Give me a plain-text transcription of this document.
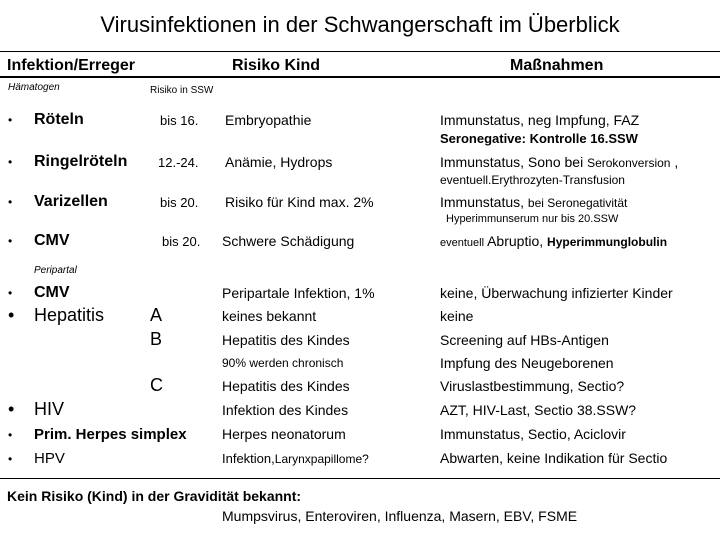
Virusinfektionen in der Schwangerschaft im Überblick
Infektion/Erreger	Risiko Kind	Maßnahmen
Hämatogen	Risiko in SSW
• Röteln	bis 16. Embryopathie	Immunstatus, neg Impfung, FAZ
Seronegative: Kontrolle 16.SSW
• Ringelröteln 12.-24. Anämie, Hydrops	Immunstatus, Sono bei Serokonversion ,
eventuell.Erythrozyten-Transfusion
• Varizellen	bis 20. Risiko für Kind max. 2%	Immunstatus, bei Seronegativität
Hyperimmunserum nur bis 20.SSW
• CMV	bis 20. Schwere Schädigung	eventuell Abruptio, Hyperimmunglobulin
Peripartal
• CMV	Peripartale Infektion, 1%	keine, Überwachung infizierter Kinder
• Hepatitis	A	keines bekannt	keine
B	Hepatitis des Kindes	Screening auf HBs-Antigen
90% werden chronisch	Impfung des Neugeborenen
C	Hepatitis des Kindes	Viruslastbestimmung, Sectio?
• HIV	Infektion des Kindes	AZT, HIV-Last, Sectio 38.SSW?
• Prim. Herpes simplex	Herpes neonatorum	Immunstatus, Sectio, Aciclovir
• HPV	Infektion,Larynxpapillome?	Abwarten, keine Indikation für Sectio
Kein Risiko (Kind) in der Gravidität bekannt:
Mumpsvirus, Enteroviren, Influenza, Masern, EBV, FSME
